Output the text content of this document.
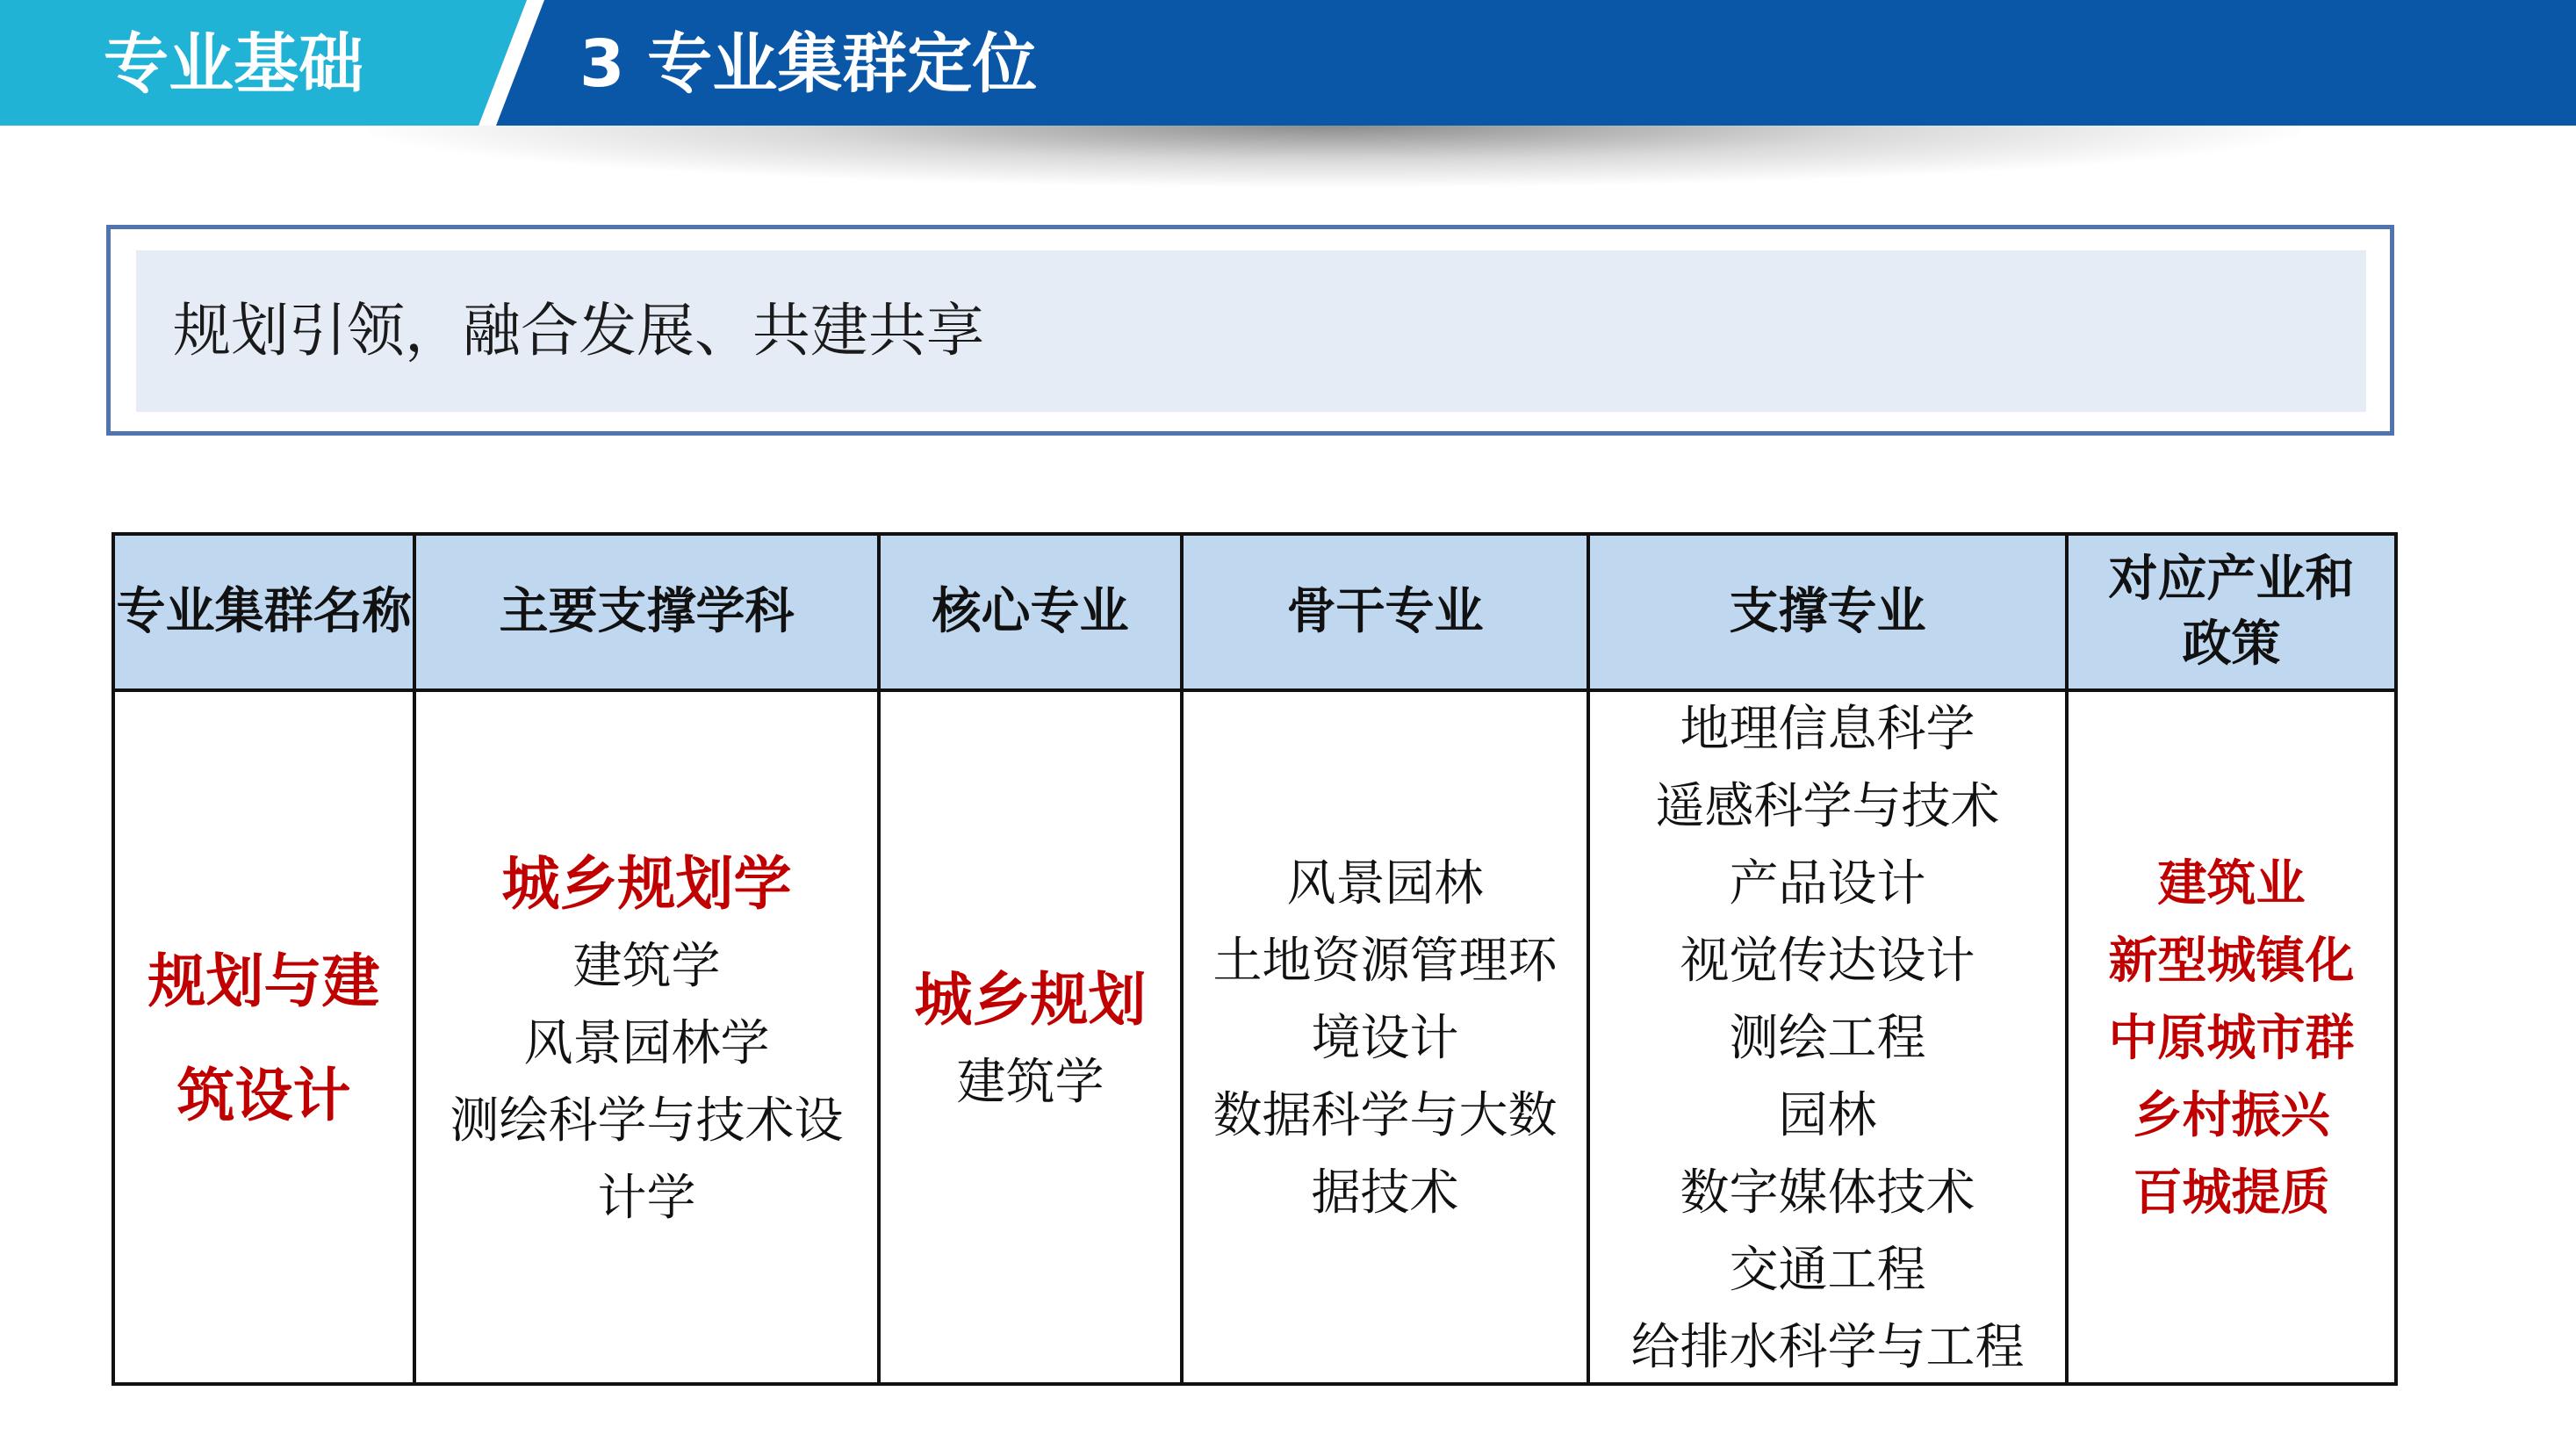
专业基础	3 专业集群定位
规划引领，融合发展、共建共享
专业集群名称
规划与建筑设计
主要支撑学科
城乡规划学
建筑学
风景园林学
测绘科学与技术设计学
核心专业
城乡规划
建筑学
骨干专业
风景园林
土地资源管理环境设计
数据科学与大数据技术
支撑专业
地理信息科学
遥感科学与技术
产品设计
视觉传达设计
测绘工程
园林
数字媒体技术
交通工程
给排水科学与工程
对应产业和政策
建筑业
新型城镇化
中原城市群
乡村振兴
百城提质
